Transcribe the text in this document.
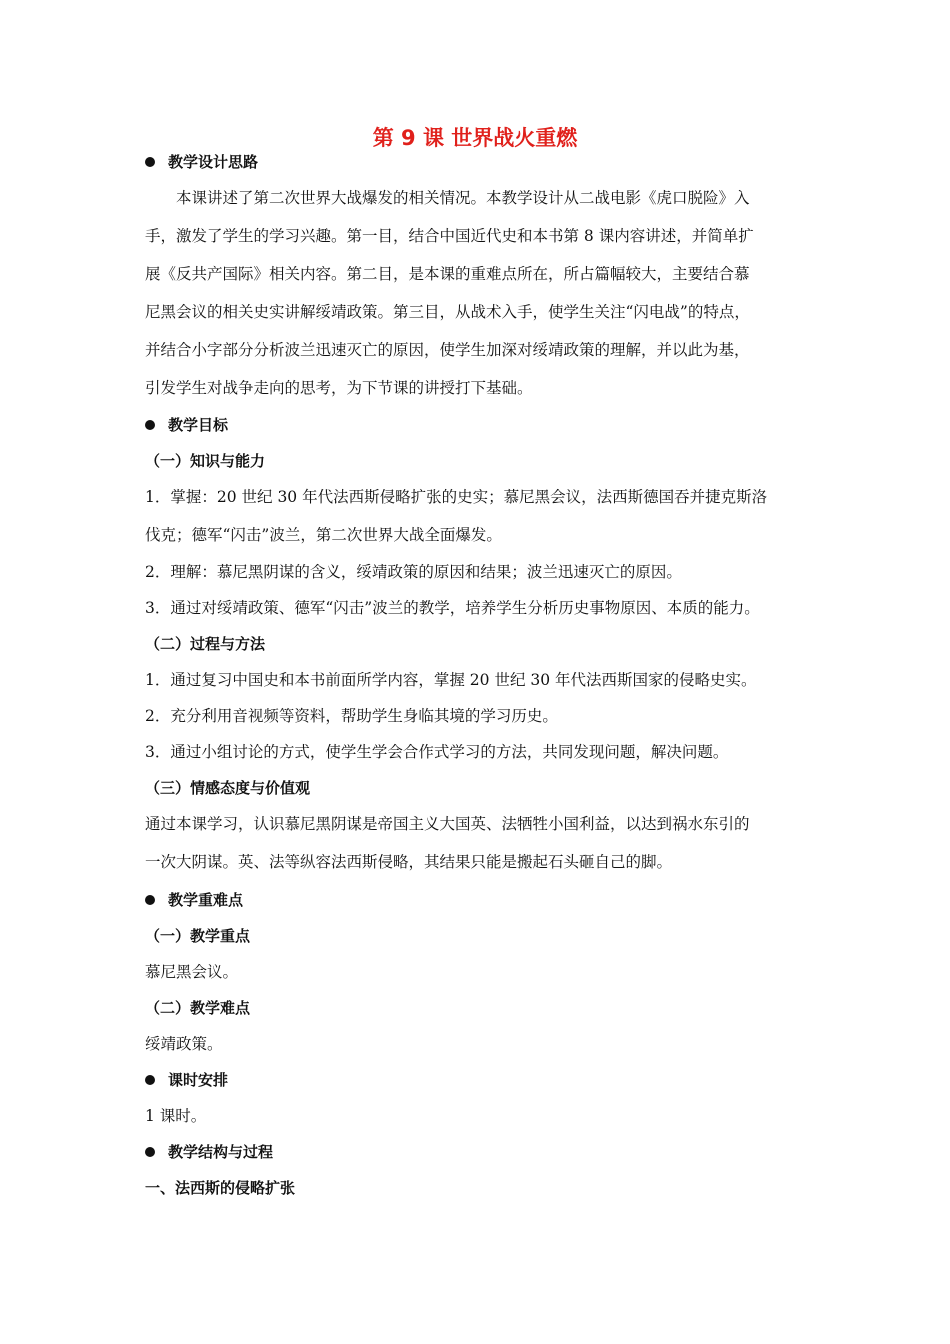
第 9 课 世界战火重燃
教学设计思路
本课讲述了第二次世界大战爆发的相关情况。本教学设计从二战电影《虎口脱险》入
手，激发了学生的学习兴趣。第一目，结合中国近代史和本书第 8 课内容讲述，并简单扩
展《反共产国际》相关内容。第二目，是本课的重难点所在，所占篇幅较大，主要结合慕
尼黑会议的相关史实讲解绥靖政策。第三目，从战术入手，使学生关注“闪电战”的特点，
并结合小字部分分析波兰迅速灭亡的原因，使学生加深对绥靖政策的理解，并以此为基，
引发学生对战争走向的思考，为下节课的讲授打下基础。
教学目标
（一）知识与能力
1．掌握：20 世纪 30 年代法西斯侵略扩张的史实；慕尼黑会议，法西斯德国吞并捷克斯洛
伐克；德军“闪击”波兰，第二次世界大战全面爆发。
2．理解：慕尼黑阴谋的含义，绥靖政策的原因和结果；波兰迅速灭亡的原因。
3．通过对绥靖政策、德军“闪击”波兰的教学，培养学生分析历史事物原因、本质的能力。
（二）过程与方法
1．通过复习中国史和本书前面所学内容，掌握 20 世纪 30 年代法西斯国家的侵略史实。
2．充分利用音视频等资料，帮助学生身临其境的学习历史。
3．通过小组讨论的方式，使学生学会合作式学习的方法，共同发现问题，解决问题。
（三）情感态度与价值观
通过本课学习，认识慕尼黑阴谋是帝国主义大国英、法牺牲小国利益，以达到祸水东引的
一次大阴谋。英、法等纵容法西斯侵略，其结果只能是搬起石头砸自己的脚。
教学重难点
（一）教学重点
慕尼黑会议。
（二）教学难点
绥靖政策。
课时安排
1 课时。
教学结构与过程
一、法西斯的侵略扩张
